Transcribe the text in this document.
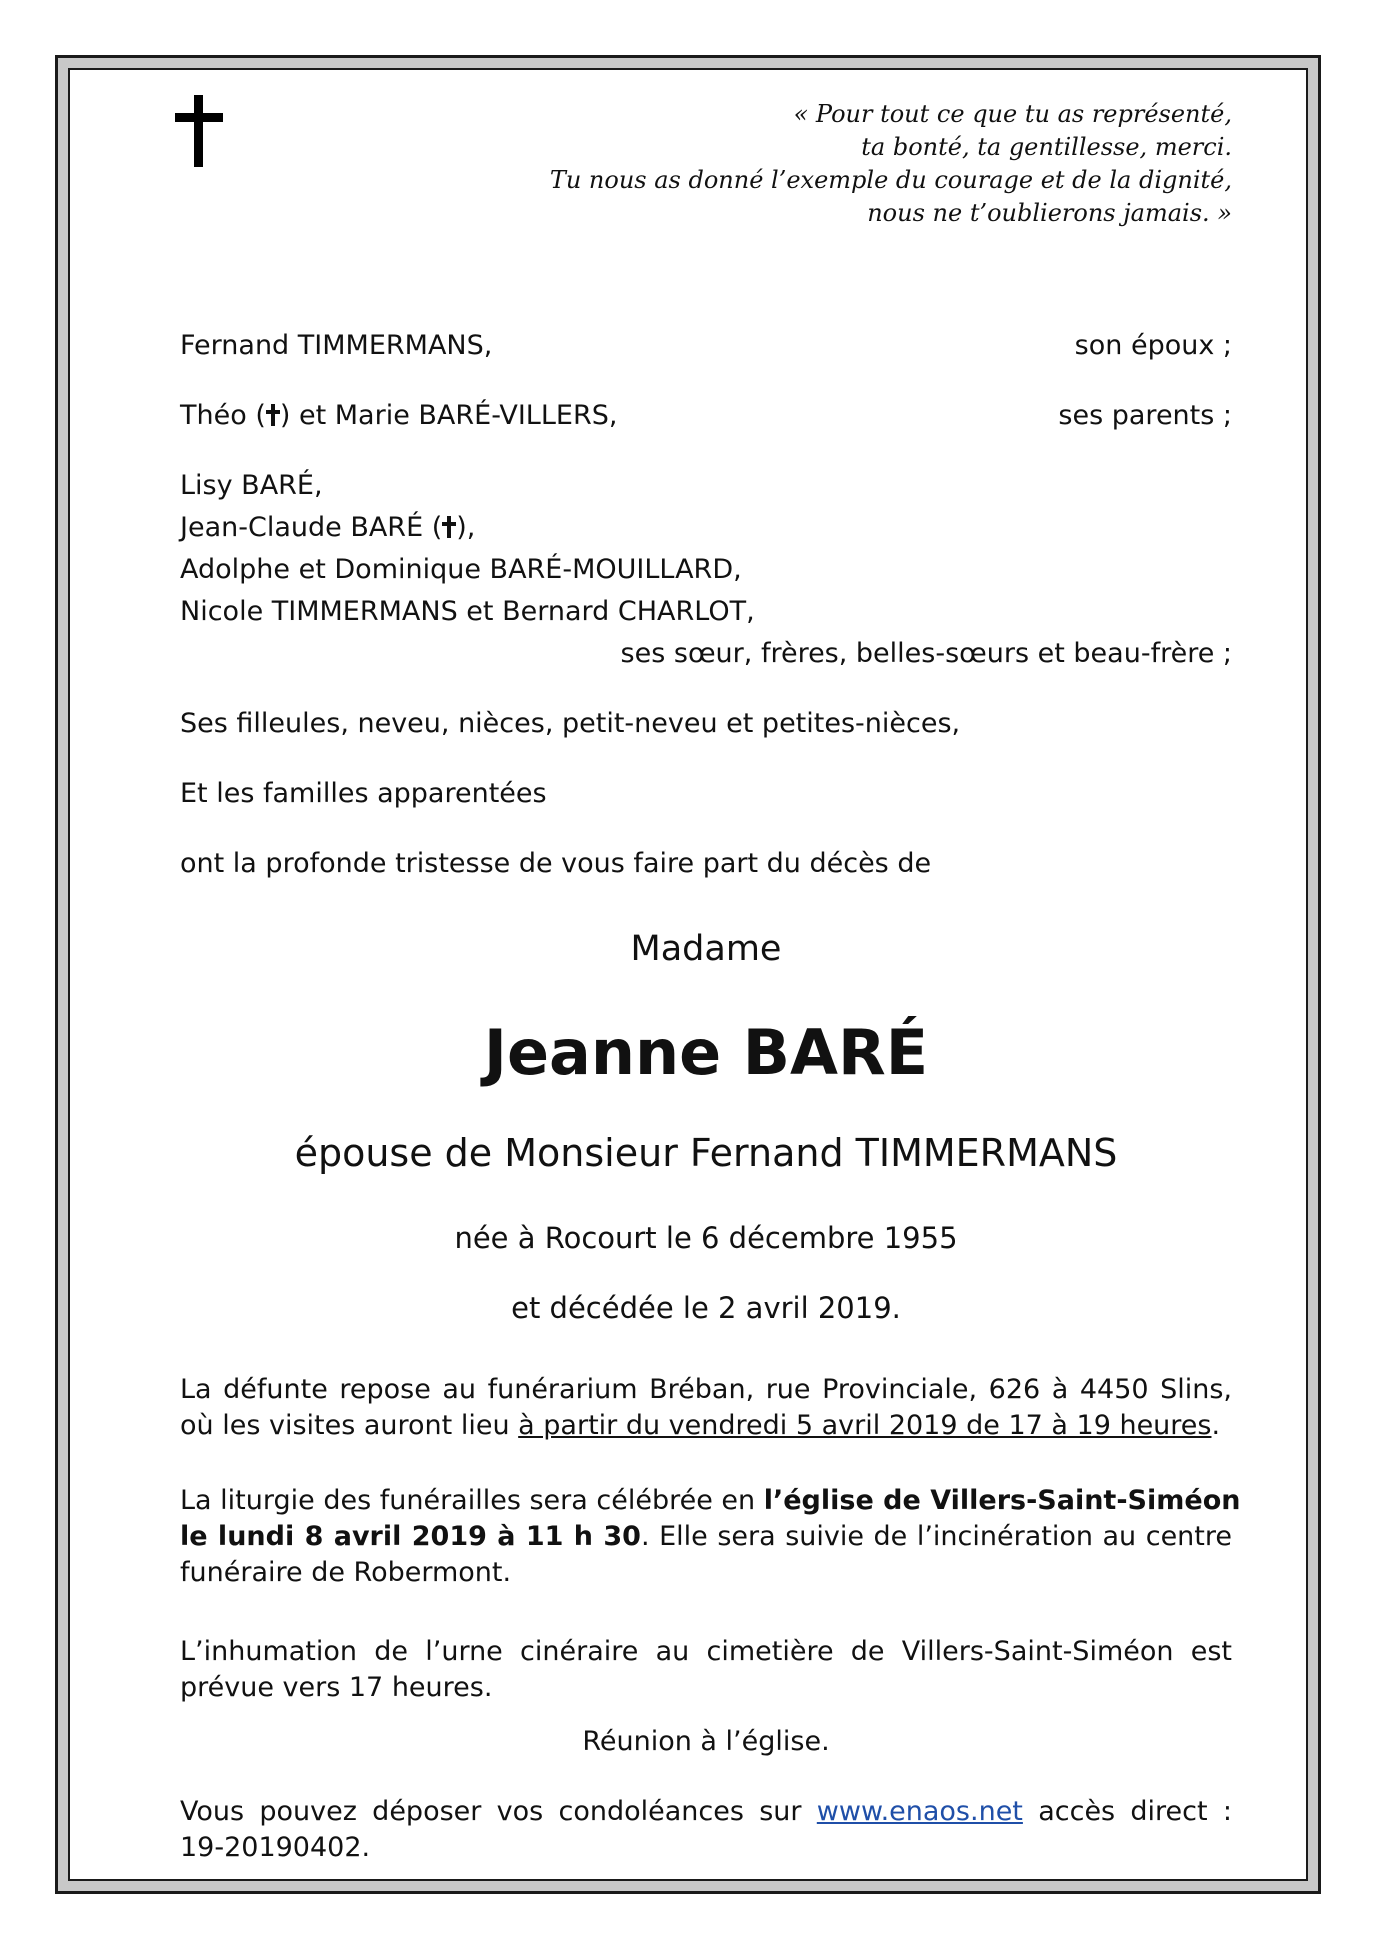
« Pour tout ce que tu as représenté,
ta bonté, ta gentillesse, merci.
Tu nous as donné l’exemple du courage et de la dignité,
nous ne t’oublierons jamais. »
Fernand TIMMERMANS,	son époux ;
Théo ( ) et Marie BARÉ-VILLERS,	ses parents ;
Lisy BARÉ,
Jean-Claude BARÉ ( ),
Adolphe et Dominique BARÉ-MOUILLARD,
Nicole TIMMERMANS et Bernard CHARLOT,
ses sœur, frères, belles-sœurs et beau-frère ;
Ses filleules, neveu, nièces, petit-neveu et petites-nièces,
Et les familles apparentées
ont la profonde tristesse de vous faire part du décès de
Madame
Jeanne BARÉ
épouse de Monsieur Fernand TIMMERMANS
née à Rocourt le 6 décembre 1955
et décédée le 2 avril 2019.
La défunte repose au funérarium Bréban, rue Provinciale, 626 à 4450 Slins,
où les visites auront lieu à partir du vendredi 5 avril 2019 de 17 à 19 heures.
La liturgie des funérailles sera célébrée en l’église de Villers-Saint-Siméon
le lundi 8 avril 2019 à 11 h 30. Elle sera suivie de l’incinération au centre
funéraire de Robermont.
L’inhumation de l’urne cinéraire au cimetière de Villers-Saint-Siméon est
prévue vers 17 heures.
Réunion à l’église.
Vous pouvez déposer vos condoléances sur www.enaos.net accès direct :
19-20190402.
